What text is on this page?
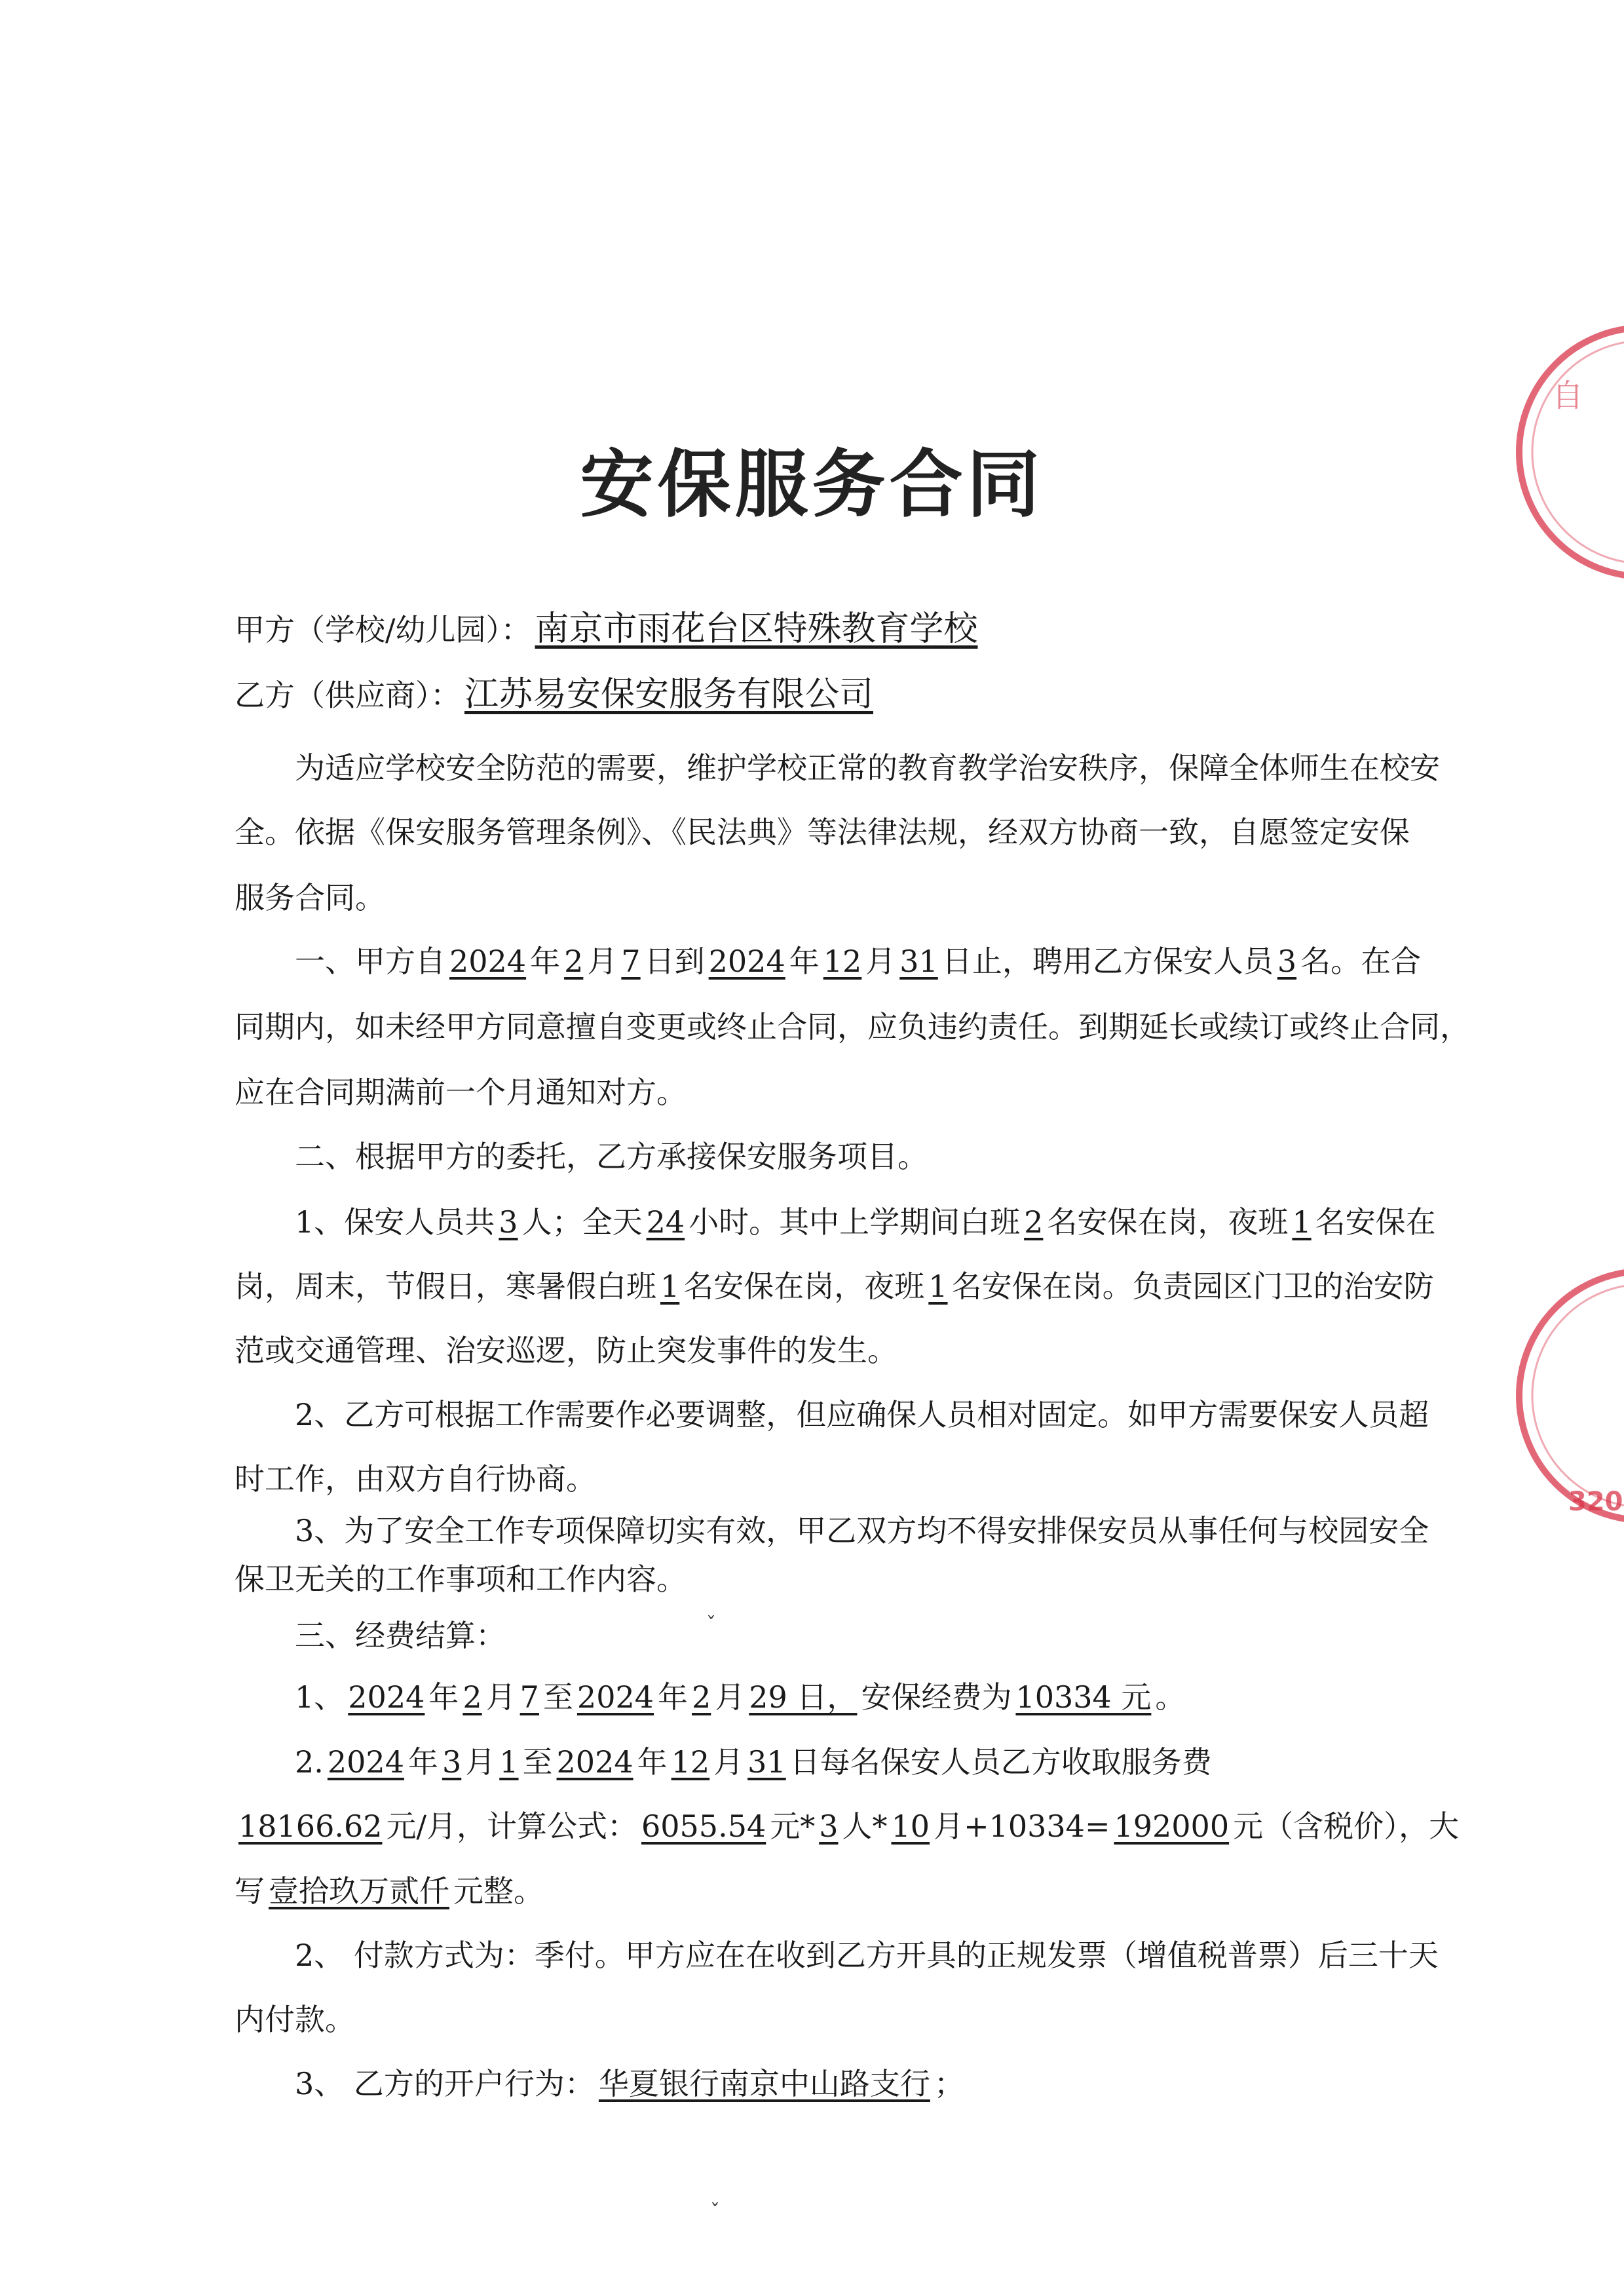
安保服务合同
甲方（学校/幼儿园）： 南京市雨花台区特殊教育学校
乙方（供应商）： 江苏易安保安服务有限公司
为适应学校安全防范的需要，维护学校正常的教育教学治安秩序，保障全体师生在校安
全。依据《保安服务管理条例》、《民法典》等法律法规，经双方协商一致，自愿签定安保
服务合同。
一、甲方自 2024 年 2 月 7 日到 2024 年 12 月 31 日止，聘用乙方保安人员 3 名。在合
同期内，如未经甲方同意擅自变更或终止合同，应负违约责任。到期延长或续订或终止合同，
应在合同期满前一个月通知对方。
二、根据甲方的委托，乙方承接保安服务项目。
1、保安人员共 3 人；全天 24 小时。其中上学期间白班 2 名安保在岗，夜班 1 名安保在
岗，周末，节假日，寒暑假白班 1 名安保在岗，夜班 1 名安保在岗。负责园区门卫的治安防
范或交通管理、治安巡逻，防止突发事件的发生。
2、乙方可根据工作需要作必要调整，但应确保人员相对固定。如甲方需要保安人员超
时工作，由双方自行协商。
3、为了安全工作专项保障切实有效，甲乙双方均不得安排保安员从事任何与校园安全
保卫无关的工作事项和工作内容。
三、经费结算：
1、 2024 年 2 月 7 至 2024 年 2 月 29 日， 安保经费为 10334 元 。
2. 2024 年 3 月 1 至 2024 年 12 月 31 日每名保安人员乙方收取服务费
18166.62 元/月，计算公式： 6055.54 元* 3 人* 10 月+10334= 192000 元（含税价），大
写 壹拾玖万贰仟 元整。
2、 付款方式为：季付。甲方应在在收到乙方开具的正规发票（增值税普票）后三十天
内付款。
3、 乙方的开户行为： 华夏银行南京中山路支行 ；
ˇ
ˇ
自
320
